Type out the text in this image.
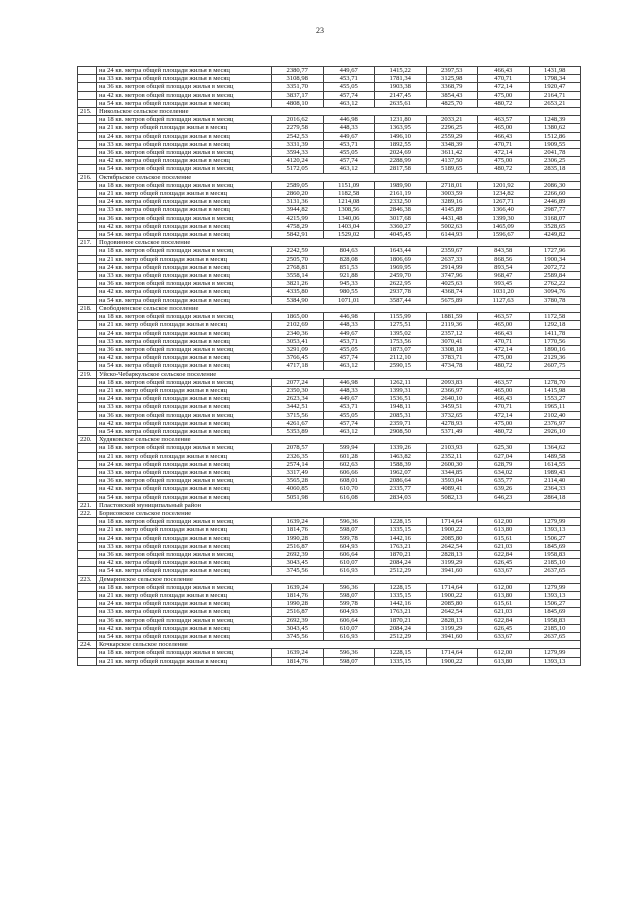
23
	на 24 кв. метра общей площади жилья в месяц	2380,77	449,67	1415,22	2397,53	466,43	1431,98
	на 33 кв. метра общей площади жилья в месяц	3108,98	453,71	1781,34	3125,98	470,71	1798,34
	на 36 кв. метров общей площади жилья в месяц	3351,70	455,05	1903,38	3368,79	472,14	1920,47
	на 42 кв. метров общей площади жилья в месяц	3837,17	457,74	2147,45	3854,43	475,00	2164,71
	на 54 кв. метра общей площади жилья в месяц	4808,10	463,12	2635,61	4825,70	480,72	2653,21
215.	Никольское сельское поселение						
	на 18 кв. метров общей площади жилья в месяц	2016,62	446,98	1231,80	2033,21	463,57	1248,39
	на 21 кв. метр общей площади жилья в месяц	2279,58	448,33	1363,95	2296,25	465,00	1380,62
	на 24 кв. метра общей площади жилья в месяц	2542,53	449,67	1496,10	2559,29	466,43	1512,86
	на 33 кв. метра общей площади жилья в месяц	3331,39	453,71	1892,55	3348,39	470,71	1909,55
	на 36 кв. метров общей площади жилья в месяц	3594,33	455,05	2024,69	3611,42	472,14	2041,78
	на 42 кв. метра общей площади жилья в месяц	4120,24	457,74	2288,99	4137,50	475,00	2306,25
	на 54 кв. метров общей площади жилья в месяц	5172,05	463,12	2817,58	5189,65	480,72	2835,18
216.	Октябрьское сельское поселение						
	на 18 кв. метров общей площади жилья в месяц	2589,05	1151,09	1989,90	2718,01	1201,92	2086,30
	на 21 кв. метр общей площади жилья в месяц	2860,20	1182,58	2161,19	3003,59	1234,82	2266,60
	на 24 кв. метра общей площади жилья в месяц	3131,36	1214,08	2332,50	3289,16	1267,71	2446,89
	на 33 кв. метра общей площади жилья в месяц	3944,82	1308,56	2846,38	4145,89	1366,40	2987,77
	на 36 кв. метров общей площади жилья в месяц	4215,99	1340,06	3017,68	4431,48	1399,30	3168,07
	на 42 кв. метра общей площади жилья в месяц	4758,29	1403,04	3360,27	5002,63	1465,09	3528,65
	на 54 кв. метра общей площади жилья в месяц	5842,91	1529,02	4045,45	6144,93	1596,67	4249,82
217.	Подовинное сельское поселение						
	на 18 кв. метров общей площади жилья в месяц	2242,59	804,63	1643,44	2359,67	843,58	1727,96
	на 21 кв. метр общей площади жилья в месяц	2505,70	828,08	1806,69	2637,33	868,56	1900,34
	на 24 кв. метра общей площади жилья в месяц	2768,81	851,53	1969,95	2914,99	893,54	2072,72
	на 33 кв. метра общей площади жилья в месяц	3558,14	921,88	2459,70	3747,96	968,47	2589,84
	на 36 кв. метров общей площади жилья в месяц	3821,26	945,33	2622,95	4025,63	993,45	2762,22
	на 42 кв. метра общей площади жилья в месяц	4335,80	980,55	2937,78	4368,74	1031,20	3094,76
	на 54 кв. метра общей площади жилья в месяц	5384,90	1071,01	3587,44	5675,89	1127,63	3780,78
218.	Свободненское сельское поселение						
	на 18 кв. метров общей площади жилья в месяц	1865,00	446,98	1155,99	1881,59	463,57	1172,58
	на 21 кв. метр общей площади жилья в месяц	2102,69	448,33	1275,51	2119,36	465,00	1292,18
	на 24 кв. метра общей площади жилья в месяц	2340,36	449,67	1395,02	2357,12	466,43	1411,78
	на 33 кв. метра общей площади жилья в месяц	3053,41	453,71	1753,56	3070,41	470,71	1770,56
	на 36 кв. метров общей площади жилья в месяц	3291,09	455,05	1873,07	3308,18	472,14	1890,16
	на 42 кв. метра общей площади жилья в месяц	3766,45	457,74	2112,10	3783,71	475,00	2129,36
	на 54 кв. метра общей площади жилья в месяц	4717,18	463,12	2590,15	4734,78	480,72	2607,75
219.	Уйско-Чебаркульское сельское поселение						
	на 18 кв. метров общей площади жилья в месяц	2077,24	446,98	1262,11	2093,83	463,57	1278,70
	на 21 кв. метр общей площади жилья в месяц	2350,30	448,33	1399,31	2366,97	465,00	1415,98
	на 24 кв. метра общей площади жилья в месяц	2623,34	449,67	1536,51	2640,10	466,43	1553,27
	на 33 кв. метра общей площади жилья в месяц	3442,51	453,71	1948,11	3459,51	470,71	1965,11
	на 36 кв. метров общей площади жилья в месяц	3715,56	455,05	2085,31	3732,65	472,14	2102,40
	на 42 кв. метра общей площади жилья в месяц	4261,67	457,74	2359,71	4278,93	475,00	2376,97
	на 54 кв. метра общей площади жилья в месяц	5353,89	463,12	2908,50	5371,49	480,72	2926,10
220.	Худяковское сельское поселение						
	на 18 кв. метров общей площади жилья в месяц	2078,57	599,94	1339,26	2103,93	625,30	1364,62
	на 21 кв. метр общей площади жилья в месяц	2326,35	601,28	1463,82	2352,11	627,04	1489,58
	на 24 кв. метра общей площади жилья в месяц	2574,14	602,63	1588,39	2600,30	628,79	1614,55
	на 33 кв. метра общей площади жилья в месяц	3317,49	606,66	1962,07	3344,85	634,02	1989,43
	на 36 кв. метров общей площади жилья в месяц	3565,28	608,01	2086,64	3593,04	635,77	2114,40
	на 42 кв. метра общей площади жилья в месяц	4060,85	610,70	2335,77	4089,41	639,26	2364,33
	на 54 кв. метра общей площади жилья в месяц	5051,98	616,08	2834,03	5082,13	646,23	2864,18
221.	Пластовский муниципальный район						
222.	Борисовское сельское поселение						
	на 18 кв. метров общей площади жилья в месяц	1639,24	596,36	1228,15	1714,64	612,00	1279,99
	на 21 кв. метр общей площади жилья в месяц	1814,76	598,07	1335,15	1900,22	613,80	1393,13
	на 24 кв. метра общей площади жилья в месяц	1990,28	599,78	1442,16	2085,80	615,61	1506,27
	на 33 кв. метра общей площади жилья в месяц	2516,87	604,93	1763,21	2642,54	621,03	1845,69
	на 36 кв. метров общей площади жилья в месяц	2692,39	606,64	1870,21	2828,13	622,84	1958,83
	на 42 кв. метра общей площади жилья в месяц	3043,45	610,07	2084,24	3199,29	626,45	2185,10
	на 54 кв. метра общей площади жилья в месяц	3745,56	616,93	2512,29	3941,60	633,67	2637,65
223.	Демаринское сельское поселение						
	на 18 кв. метров общей площади жилья в месяц	1639,24	596,36	1228,15	1714,64	612,00	1279,99
	на 21 кв. метр общей площади жилья в месяц	1814,76	598,07	1335,15	1900,22	613,80	1393,13
	на 24 кв. метра общей площади жилья в месяц	1990,28	599,78	1442,16	2085,80	615,61	1506,27
	на 33 кв. метра общей площади жилья в месяц	2516,87	604,93	1763,21	2642,54	621,03	1845,69
	на 36 кв. метров общей площади жилья в месяц	2692,39	606,64	1870,21	2828,13	622,84	1958,83
	на 42 кв. метра общей площади жилья в месяц	3043,45	610,07	2084,24	3199,29	626,45	2185,10
	на 54 кв. метра общей площади жилья в месяц	3745,56	616,93	2512,29	3941,60	633,67	2637,65
224.	Кочкарское сельское поселение						
	на 18 кв. метров общей площади жилья в месяц	1639,24	596,36	1228,15	1714,64	612,00	1279,99
	на 21 кв. метр общей площади жилья в месяц	1814,76	598,07	1335,15	1900,22	613,80	1393,13
